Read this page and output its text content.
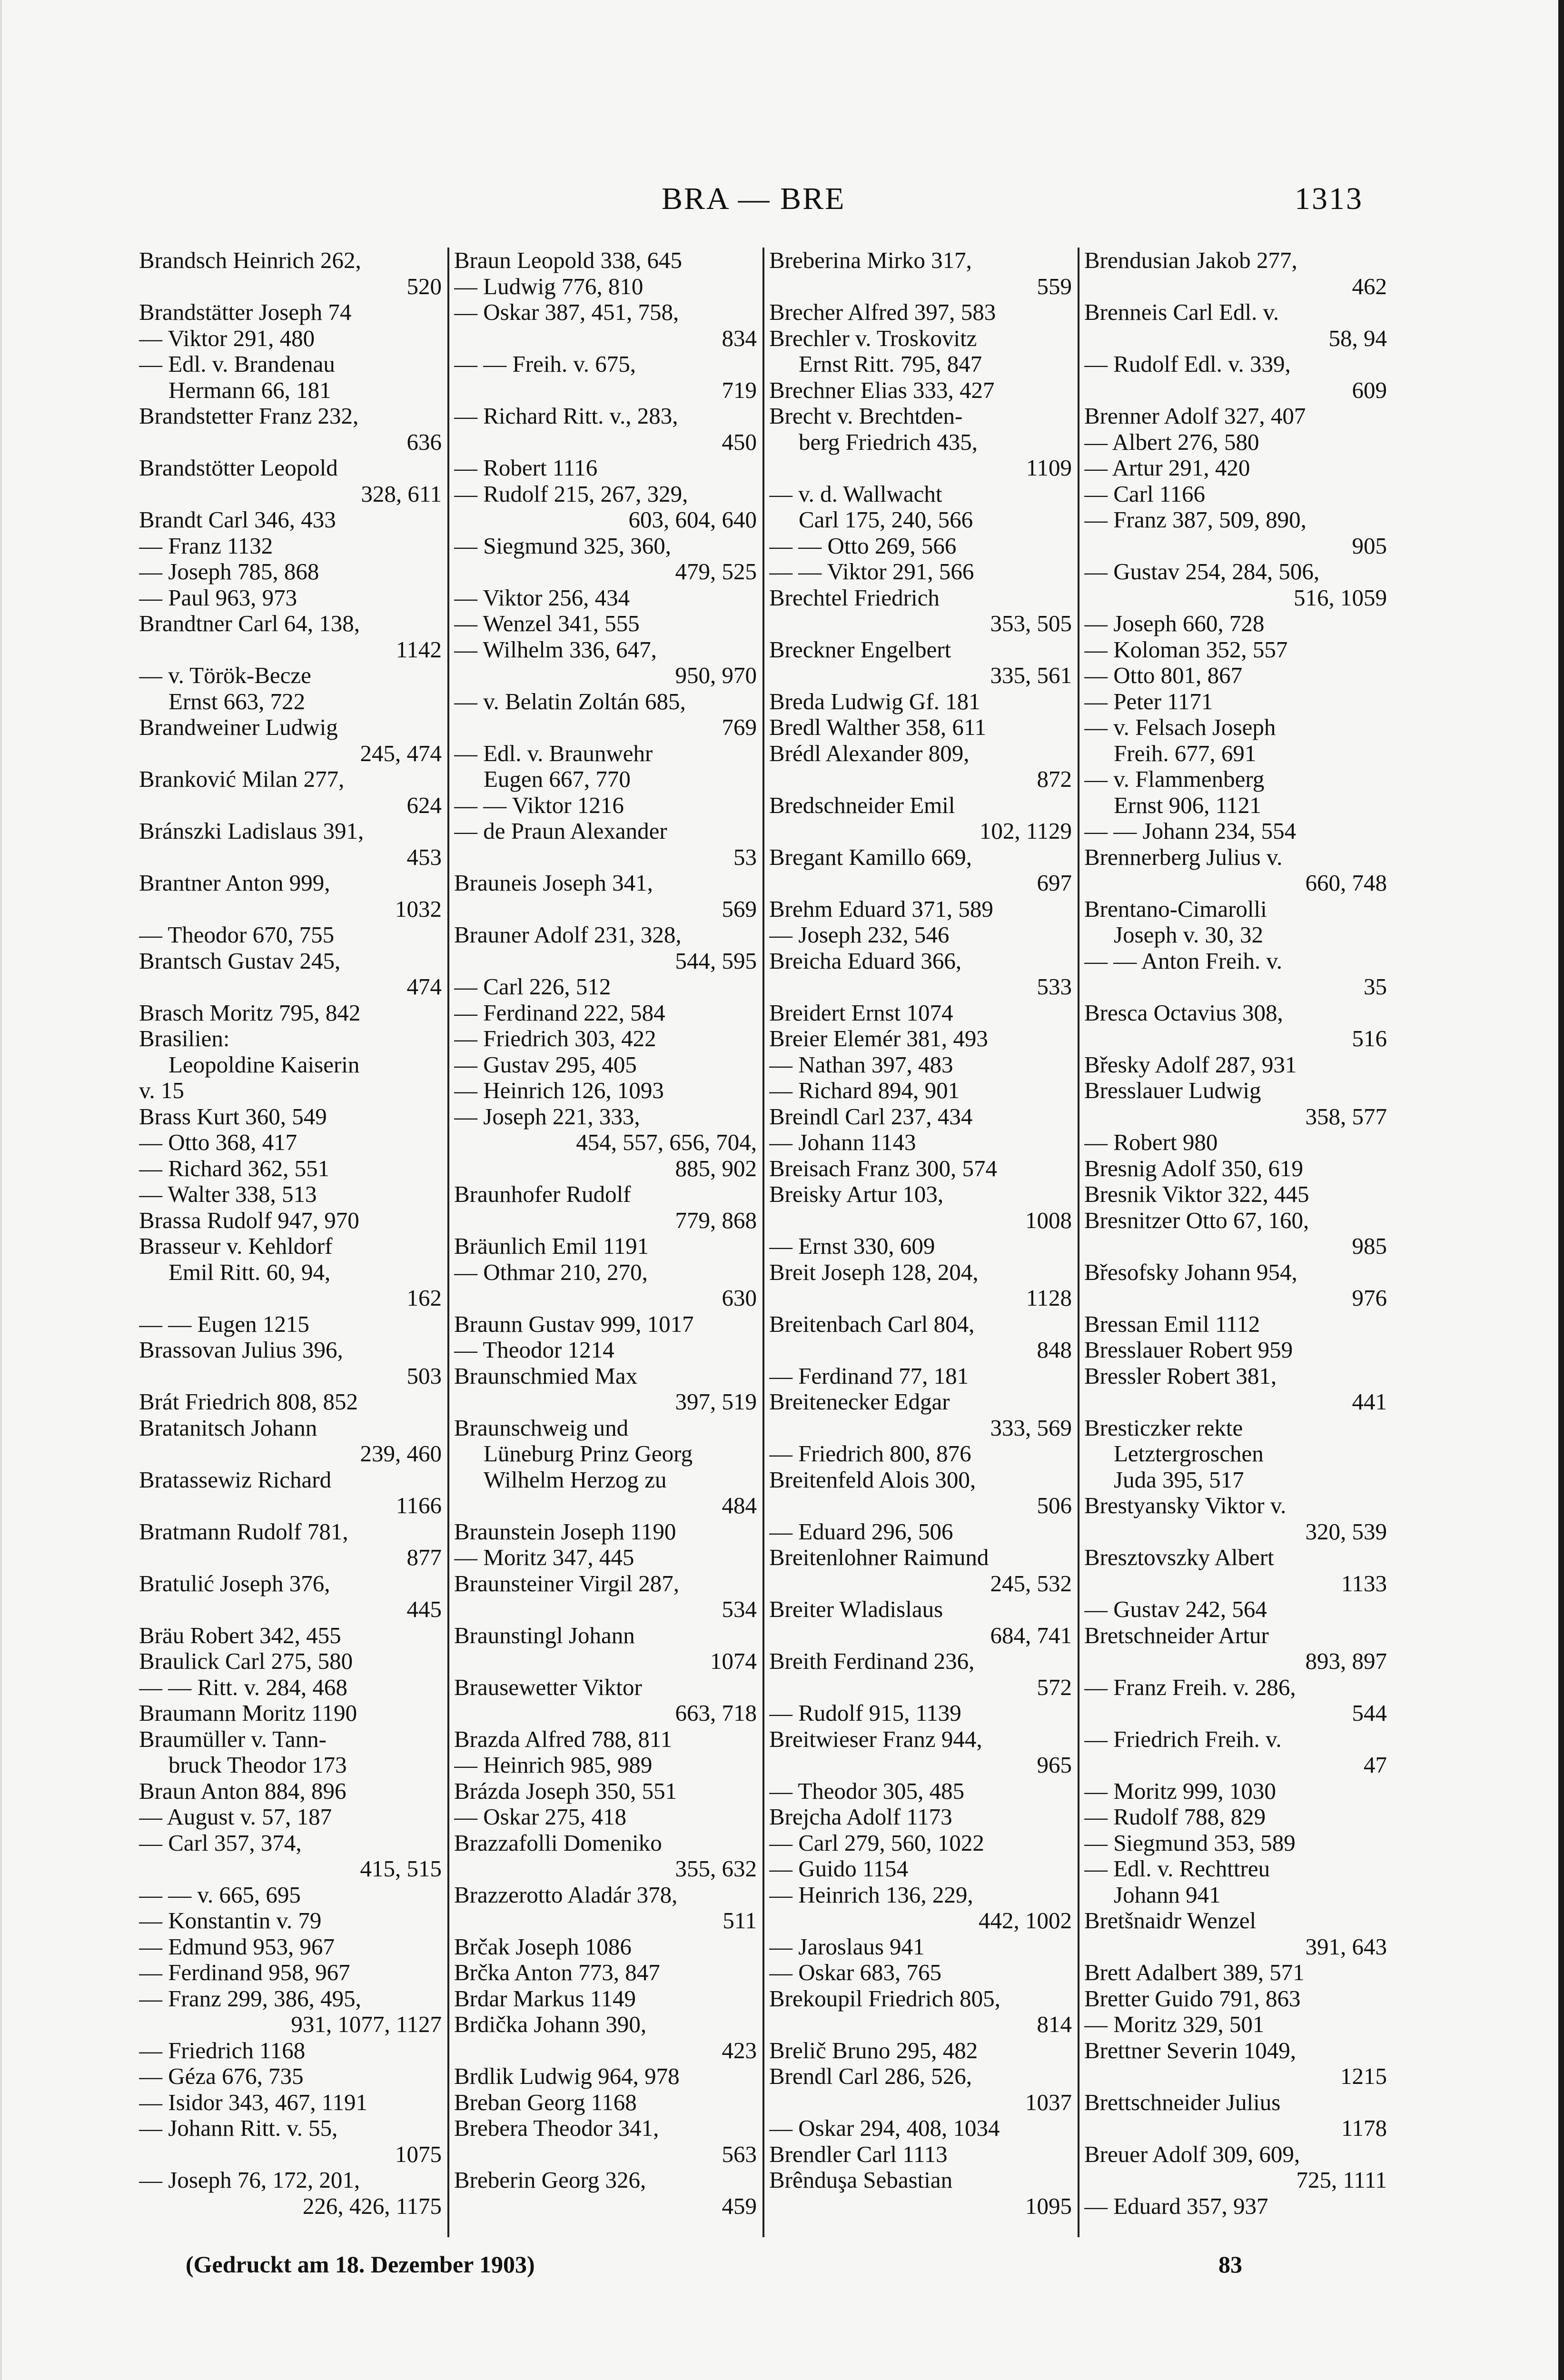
BRA — BRE	1313
Brandsch Heinrich 262,
520
Brandstätter Joseph 74
— Viktor 291, 480
— Edl. v. Brandenau
Hermann 66, 181
Brandstetter Franz 232,
636
Brandstötter Leopold
328, 611
Brandt Carl 346, 433
— Franz 1132
— Joseph 785, 868
— Paul 963, 973
Brandtner Carl 64, 138,
1142
— v. Török-Becze
Ernst 663, 722
Brandweiner Ludwig
245, 474
Branković Milan 277,
624
Bránszki Ladislaus 391,
453
Brantner Anton 999,
1032
— Theodor 670, 755
Brantsch Gustav 245,
474
Brasch Moritz 795, 842
Brasilien:
Leopoldine Kaiserin
v. 15
Brass Kurt 360, 549
— Otto 368, 417
— Richard 362, 551
— Walter 338, 513
Brassa Rudolf 947, 970
Brasseur v. Kehldorf
Emil Ritt. 60, 94,
162
— — Eugen 1215
Brassovan Julius 396,
503
Brát Friedrich 808, 852
Bratanitsch Johann
239, 460
Bratassewiz Richard
1166
Bratmann Rudolf 781,
877
Bratulić Joseph 376,
445
Bräu Robert 342, 455
Braulick Carl 275, 580
— — Ritt. v. 284, 468
Braumann Moritz 1190
Braumüller v. Tann-
bruck Theodor 173
Braun Anton 884, 896
— August v. 57, 187
— Carl 357, 374,
415, 515
— — v. 665, 695
— Konstantin v. 79
— Edmund 953, 967
— Ferdinand 958, 967
— Franz 299, 386, 495,
931, 1077, 1127
— Friedrich 1168
— Géza 676, 735
— Isidor 343, 467, 1191
— Johann Ritt. v. 55,
1075
— Joseph 76, 172, 201,
226, 426, 1175
Braun Leopold 338, 645
— Ludwig 776, 810
— Oskar 387, 451, 758,
834
— — Freih. v. 675,
719
— Richard Ritt. v., 283,
450
— Robert 1116
— Rudolf 215, 267, 329,
603, 604, 640
— Siegmund 325, 360,
479, 525
— Viktor 256, 434
— Wenzel 341, 555
— Wilhelm 336, 647,
950, 970
— v. Belatin Zoltán 685,
769
— Edl. v. Braunwehr
Eugen 667, 770
— — Viktor 1216
— de Praun Alexander
53
Brauneis Joseph 341,
569
Brauner Adolf 231, 328,
544, 595
— Carl 226, 512
— Ferdinand 222, 584
— Friedrich 303, 422
— Gustav 295, 405
— Heinrich 126, 1093
— Joseph 221, 333,
454, 557, 656, 704,
885, 902
Braunhofer Rudolf
779, 868
Bräunlich Emil 1191
— Othmar 210, 270,
630
Braunn Gustav 999, 1017
— Theodor 1214
Braunschmied Max
397, 519
Braunschweig und
Lüneburg Prinz Georg
Wilhelm Herzog zu
484
Braunstein Joseph 1190
— Moritz 347, 445
Braunsteiner Virgil 287,
534
Braunstingl Johann
1074
Brausewetter Viktor
663, 718
Brazda Alfred 788, 811
— Heinrich 985, 989
Brázda Joseph 350, 551
— Oskar 275, 418
Brazzafolli Domeniko
355, 632
Brazzerotto Aladár 378,
511
Brčak Joseph 1086
Brčka Anton 773, 847
Brdar Markus 1149
Brdička Johann 390,
423
Brdlik Ludwig 964, 978
Breban Georg 1168
Brebera Theodor 341,
563
Breberin Georg 326,
459
Breberina Mirko 317,
559
Brecher Alfred 397, 583
Brechler v. Troskovitz
Ernst Ritt. 795, 847
Brechner Elias 333, 427
Brecht v. Brechtden-
berg Friedrich 435,
1109
— v. d. Wallwacht
Carl 175, 240, 566
— — Otto 269, 566
— — Viktor 291, 566
Brechtel Friedrich
353, 505
Breckner Engelbert
335, 561
Breda Ludwig Gf. 181
Bredl Walther 358, 611
Brédl Alexander 809,
872
Bredschneider Emil
102, 1129
Bregant Kamillo 669,
697
Brehm Eduard 371, 589
— Joseph 232, 546
Breicha Eduard 366,
533
Breidert Ernst 1074
Breier Elemér 381, 493
— Nathan 397, 483
— Richard 894, 901
Breindl Carl 237, 434
— Johann 1143
Breisach Franz 300, 574
Breisky Artur 103,
1008
— Ernst 330, 609
Breit Joseph 128, 204,
1128
Breitenbach Carl 804,
848
— Ferdinand 77, 181
Breitenecker Edgar
333, 569
— Friedrich 800, 876
Breitenfeld Alois 300,
506
— Eduard 296, 506
Breitenlohner Raimund
245, 532
Breiter Wladislaus
684, 741
Breith Ferdinand 236,
572
— Rudolf 915, 1139
Breitwieser Franz 944,
965
— Theodor 305, 485
Brejcha Adolf 1173
— Carl 279, 560, 1022
— Guido 1154
— Heinrich 136, 229,
442, 1002
— Jaroslaus 941
— Oskar 683, 765
Brekoupil Friedrich 805,
814
Brelič Bruno 295, 482
Brendl Carl 286, 526,
1037
— Oskar 294, 408, 1034
Brendler Carl 1113
Brênduşa Sebastian
1095
Brendusian Jakob 277,
462
Brenneis Carl Edl. v.
58, 94
— Rudolf Edl. v. 339,
609
Brenner Adolf 327, 407
— Albert 276, 580
— Artur 291, 420
— Carl 1166
— Franz 387, 509, 890,
905
— Gustav 254, 284, 506,
516, 1059
— Joseph 660, 728
— Koloman 352, 557
— Otto 801, 867
— Peter 1171
— v. Felsach Joseph
Freih. 677, 691
— v. Flammenberg
Ernst 906, 1121
— — Johann 234, 554
Brennerberg Julius v.
660, 748
Brentano-Cimarolli
Joseph v. 30, 32
— — Anton Freih. v.
35
Bresca Octavius 308,
516
Břesky Adolf 287, 931
Bresslauer Ludwig
358, 577
— Robert 980
Bresnig Adolf 350, 619
Bresnik Viktor 322, 445
Bresnitzer Otto 67, 160,
985
Břesofsky Johann 954,
976
Bressan Emil 1112
Bresslauer Robert 959
Bressler Robert 381,
441
Bresticzker rekte
Letztergroschen
Juda 395, 517
Brestyansky Viktor v.
320, 539
Bresztovszky Albert
1133
— Gustav 242, 564
Bretschneider Artur
893, 897
— Franz Freih. v. 286,
544
— Friedrich Freih. v.
47
— Moritz 999, 1030
— Rudolf 788, 829
— Siegmund 353, 589
— Edl. v. Rechttreu
Johann 941
Bretšnaidr Wenzel
391, 643
Brett Adalbert 389, 571
Bretter Guido 791, 863
— Moritz 329, 501
Brettner Severin 1049,
1215
Brettschneider Julius
1178
Breuer Adolf 309, 609,
725, 1111
— Eduard 357, 937
(Gedruckt am 18. Dezember 1903)	83
